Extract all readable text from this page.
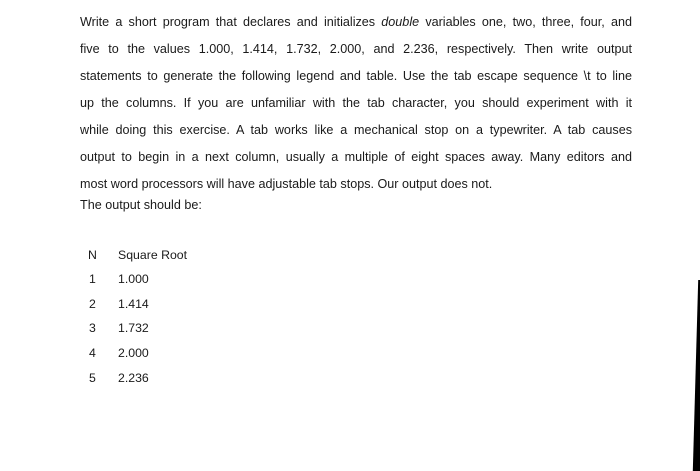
Write a short program that declares and initializes double variables one, two, three, four, and
five to the values 1.000, 1.414, 1.732, 2.000, and 2.236, respectively. Then write output
statements to generate the following legend and table. Use the tab escape sequence \t to line
up the columns. If you are unfamiliar with the tab character, you should experiment with it
while doing this exercise. A tab works like a mechanical stop on a typewriter. A tab causes
output to begin in a next column, usually a multiple of eight spaces away. Many editors and
most word processors will have adjustable tab stops. Our output does not.
The output should be:
N Square Root
1 1.000
2 1.414
3 1.732
4 2.000
5 2.236
